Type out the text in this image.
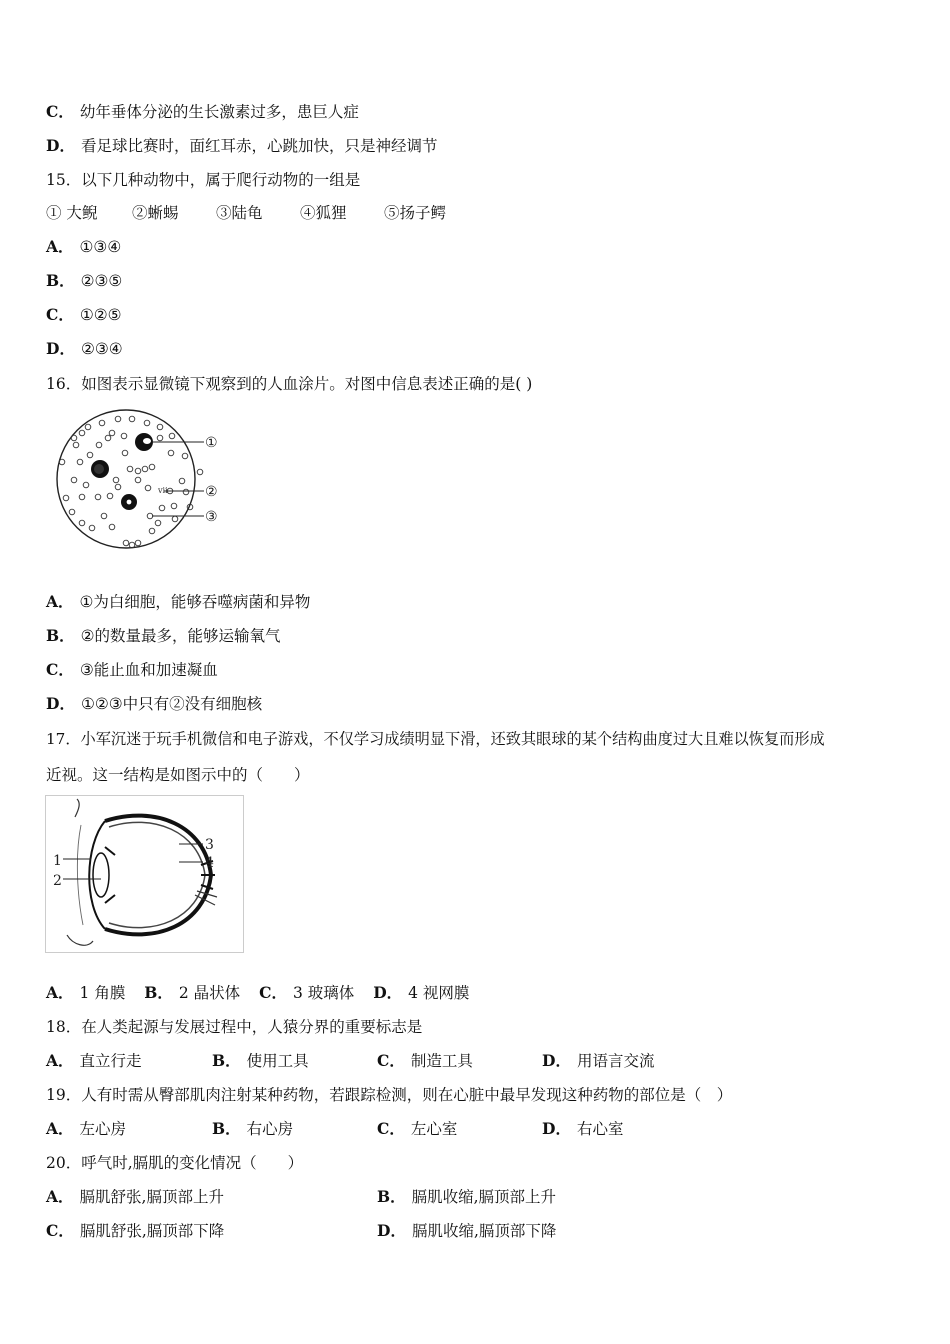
C． 幼年垂体分泌的生长激素过多，患巨人症
D． 看足球比赛时，面红耳赤，心跳加快，只是神经调节
15．以下几种动物中，属于爬行动物的一组是
① 大鲵 ②蜥蜴 ③陆龟 ④狐狸 ⑤扬子鳄
A． ①③④
B． ②③⑤
C． ①②⑤
D． ②③④
16．如图表示显微镜下观察到的人血涂片。对图中信息表述正确的是( )
ⅶ
①
②
③
A． ①为白细胞，能够吞噬病菌和异物
B． ②的数量最多，能够运输氧气
C． ③能止血和加速凝血
D． ①②③中只有②没有细胞核
17．小军沉迷于玩手机微信和电子游戏，不仅学习成绩明显下滑，还致其眼球的某个结构曲度过大且难以恢复而形成
近视。这一结构是如图示中的（　　）
1
2
3
4
A． 1 角膜 B． 2 晶状体 C． 3 玻璃体 D． 4 视网膜
18．在人类起源与发展过程中，人猿分界的重要标志是
A． 直立行走	B． 使用工具	C． 制造工具	D． 用语言交流
19．人有时需从臀部肌肉注射某种药物，若跟踪检测，则在心脏中最早发现这种药物的部位是（　）
A． 左心房	B． 右心房	C． 左心室	D． 右心室
20．呼气时,膈肌的变化情况（　　）
A． 膈肌舒张,膈顶部上升	B． 膈肌收缩,膈顶部上升
C． 膈肌舒张,膈顶部下降	D． 膈肌收缩,膈顶部下降
